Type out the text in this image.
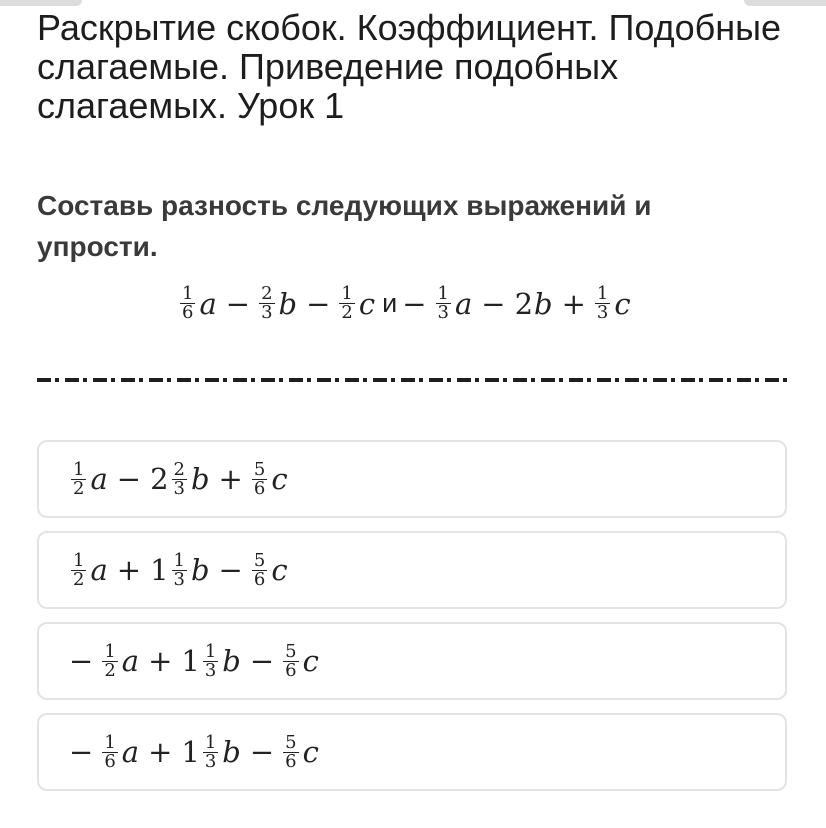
Раскрытие скобок. Коэффициент. Подобные слагаемые. Приведение подобных слагаемых. Урок 1
Составь разность следующих выражений и упрости.
$\frac{1}{6}$ $a - \frac{2}{3}$ $b - \frac{1}{2}$ c $и - \frac{1}{3}$ a − 2 $b + \frac{1}{3}$ c
$\frac{1}{2}$ $a - 2 \frac{2}{3}$ $b + \frac{5}{6}$ c
$\frac{1}{2}$ $a + 1 \frac{1}{3}$ $b - \frac{5}{6}$ c
− $\frac{1}{2}$ $a + 1 \frac{1}{3}$ $b - \frac{5}{6}$ c
− $\frac{1}{6}$ $a + 1 \frac{1}{3}$ $b - \frac{5}{6}$ c
